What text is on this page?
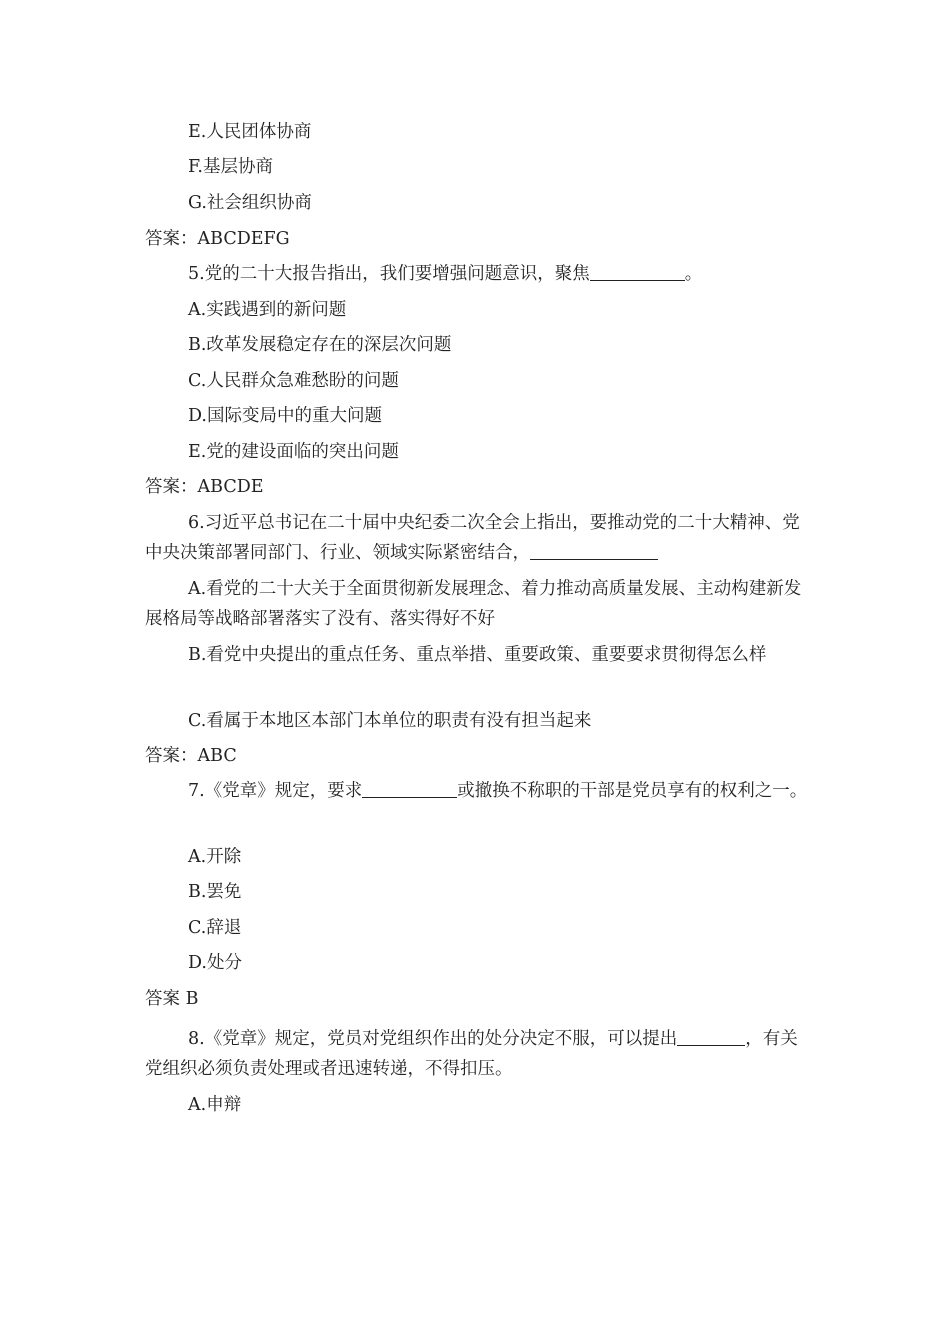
E.人民团体协商
F.基层协商
G.社会组织协商
答案：ABCDEFG
5.党的二十大报告指出，我们要增强问题意识，聚焦	。
A.实践遇到的新问题
B.改革发展稳定存在的深层次问题
C.人民群众急难愁盼的问题
D.国际变局中的重大问题
E.党的建设面临的突出问题
答案：ABCDE
6.习近平总书记在二十届中央纪委二次全会上指出，要推动党的二十大精神、党中央决策部署同部门、行业、领域实际紧密结合，
A.看党的二十大关于全面贯彻新发展理念、着力推动高质量发展、主动构建新发展格局等战略部署落实了没有、落实得好不好
B.看党中央提出的重点任务、重点举措、重要政策、重要要求贯彻得怎么样
C.看属于本地区本部门本单位的职责有没有担当起来
答案：ABC
7.《党章》规定，要求	或撤换不称职的干部是党员享有的权利之一。
A.开除
B.罢免
C.辞退
D.处分
答案 B
8.《党章》规定，党员对党组织作出的处分决定不服，可以提出	，有关党组织必须负责处理或者迅速转递，不得扣压。
A.申辩
